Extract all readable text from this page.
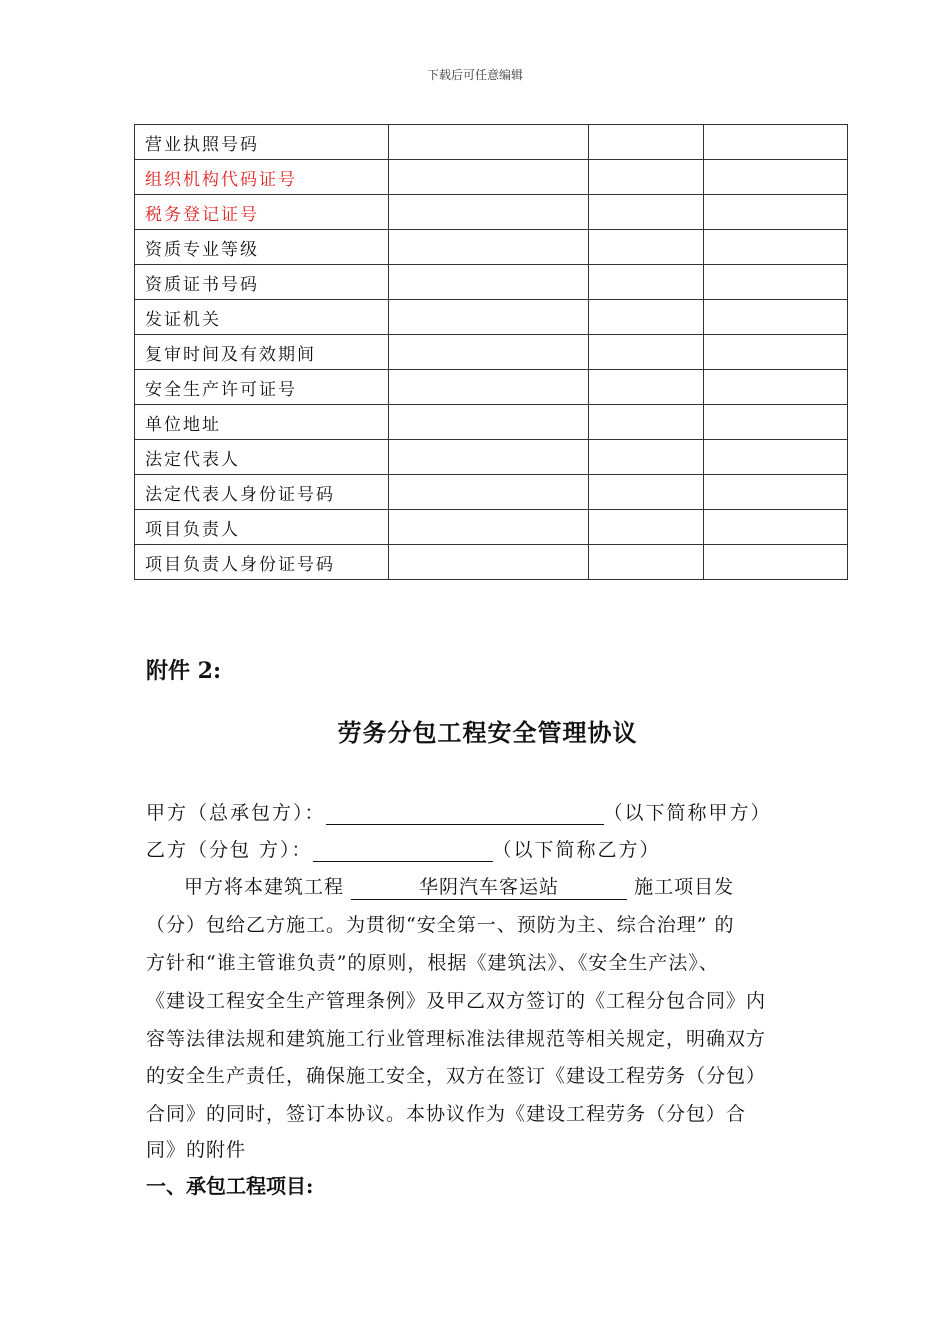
下载后可任意编辑
营业执照号码			
组织机构代码证号			
税务登记证号			
资质专业等级			
资质证书号码			
发证机关			
复审时间及有效期间			
安全生产许可证号			
单位地址			
法定代表人			
法定代表人身份证号码			
项目负责人			
项目负责人身份证号码			
附件 2:
劳务分包工程安全管理协议
甲方（总承包方）：	（以下简称甲方）
乙方（分包 方）：	（以下简称乙方）
甲方将本建筑工程	华阴汽车客运站	施工项目发
（分）包给乙方施工。为贯彻“安全第一、预防为主、综合治理” 的
方针和“谁主管谁负责”的原则，根据《建筑法》、《安全生产法》、
《建设工程安全生产管理条例》及甲乙双方签订的《工程分包合同》内
容等法律法规和建筑施工行业管理标准法律规范等相关规定，明确双方
的安全生产责任，确保施工安全，双方在签订《建设工程劳务（分包）
合同》的同时，签订本协议。本协议作为《建设工程劳务（分包）合
同》的附件
一、承包工程项目:
